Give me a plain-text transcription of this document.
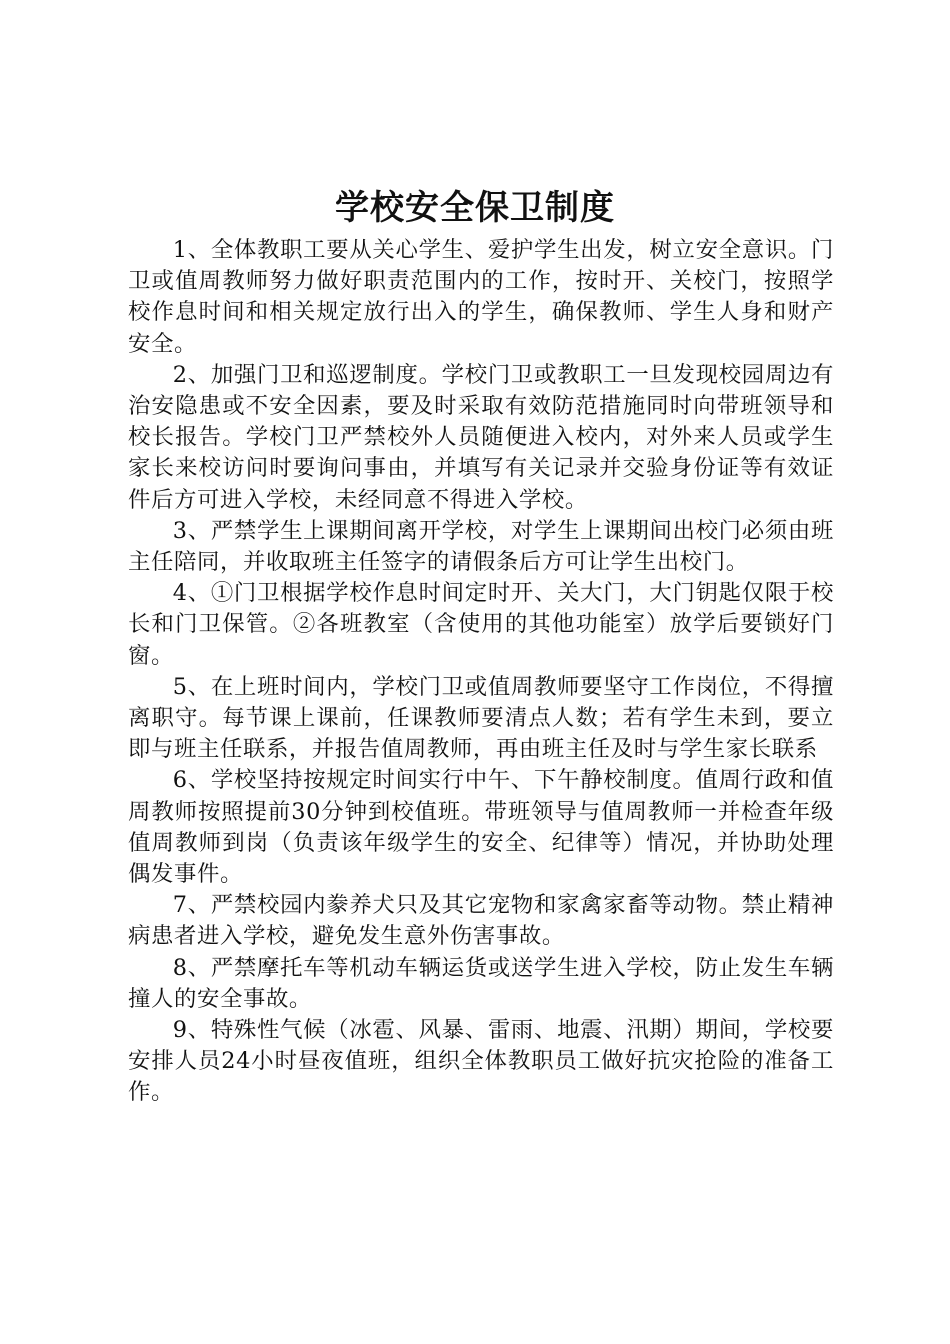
学校安全保卫制度

1、全体教职工要从关心学生、爱护学生出发，树立安全意识。门卫或值周教师努力做好职责范围内的工作，按时开、关校门，按照学校作息时间和相关规定放行出入的学生，确保教师、学生人身和财产安全。

2、加强门卫和巡逻制度。学校门卫或教职工一旦发现校园周边有治安隐患或不安全因素，要及时采取有效防范措施同时向带班领导和校长报告。学校门卫严禁校外人员随便进入校内，对外来人员或学生家长来校访问时要询问事由，并填写有关记录并交验身份证等有效证件后方可进入学校，未经同意不得进入学校。

3、严禁学生上课期间离开学校，对学生上课期间出校门必须由班主任陪同，并收取班主任签字的请假条后方可让学生出校门。

4、①门卫根据学校作息时间定时开、关大门，大门钥匙仅限于校长和门卫保管。②各班教室（含使用的其他功能室）放学后要锁好门窗。

5、在上班时间内，学校门卫或值周教师要坚守工作岗位，不得擅离职守。每节课上课前，任课教师要清点人数；若有学生未到，要立即与班主任联系，并报告值周教师，再由班主任及时与学生家长联系

6、学校坚持按规定时间实行中午、下午静校制度。值周行政和值周教师按照提前30分钟到校值班。带班领导与值周教师一并检查年级值周教师到岗（负责该年级学生的安全、纪律等）情况，并协助处理偶发事件。

7、严禁校园内豢养犬只及其它宠物和家禽家畜等动物。禁止精神病患者进入学校，避免发生意外伤害事故。

8、严禁摩托车等机动车辆运货或送学生进入学校，防止发生车辆撞人的安全事故。

9、特殊性气候（冰雹、风暴、雷雨、地震、汛期）期间，学校要安排人员24小时昼夜值班，组织全体教职员工做好抗灾抢险的准备工作。
